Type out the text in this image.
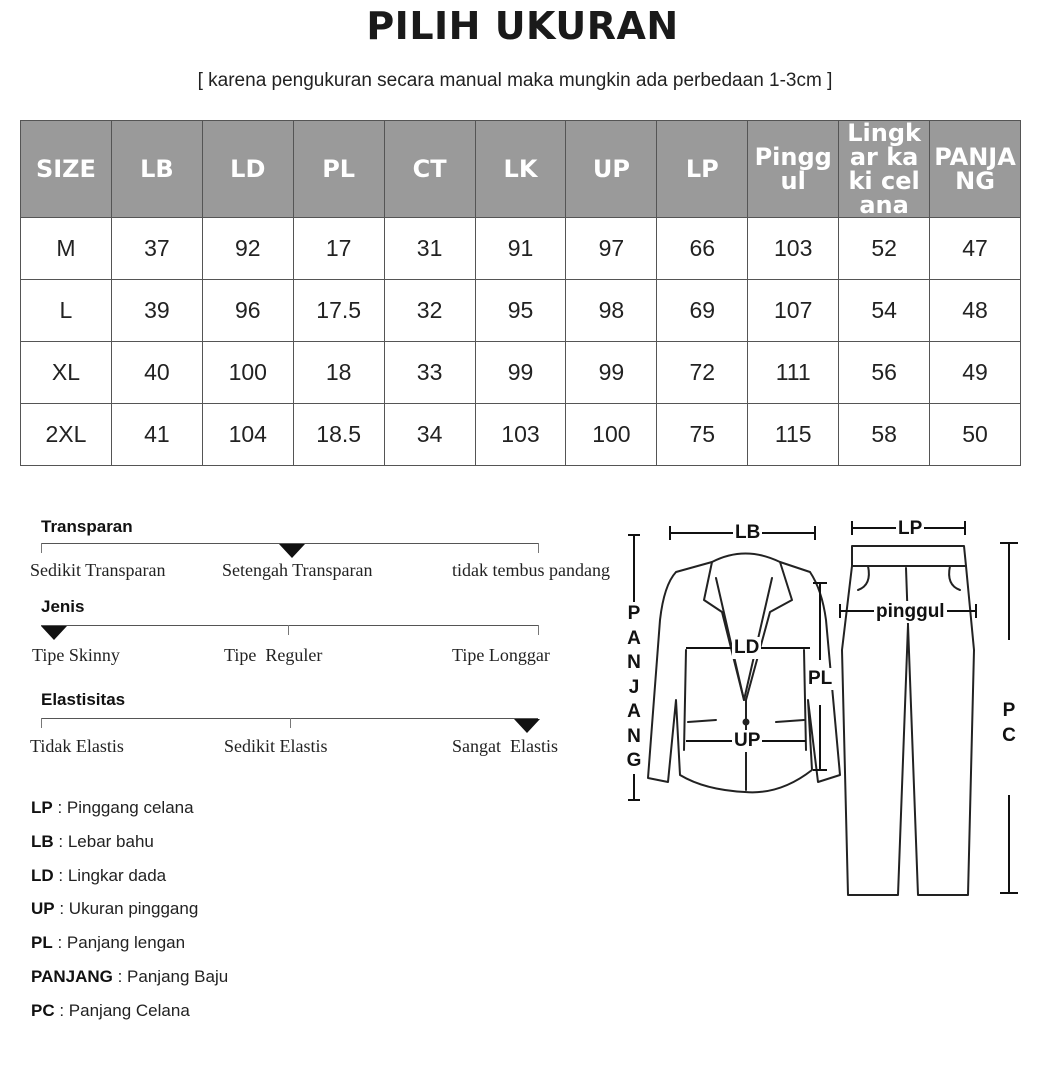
PILIH UKURAN
[ karena pengukuran secara manual maka mungkin ada perbedaan 1-3cm ]
SIZE	LB	LD	PL	CT	LK	UP	LP	Pinggul	Lingkar kaki celana	PANJANG
M	37	92	17	31	91	97	66	103	52	47
L	39	96	17.5	32	95	98	69	107	54	48
XL	40	100	18	33	99	99	72	111	56	49
2XL	41	104	18.5	34	103	100	75	115	58	50
Transparan
Sedikit Transparan	Setengah Transparan	tidak tembus pandang
Jenis
Tipe Skinny	Tipe  Reguler	Tipe Longgar
Elastisitas
Tidak Elastis	Sedikit Elastis	Sangat  Elastis
LP : Pinggang celana
LB : Lebar bahu
LD : Lingkar dada
UP : Ukuran pinggang
PL : Panjang lengan
PANJANG : Panjang Baju
PC : Panjang Celana
LB	LP
LD
PL
UP
pinggul
PANJANG
PC
